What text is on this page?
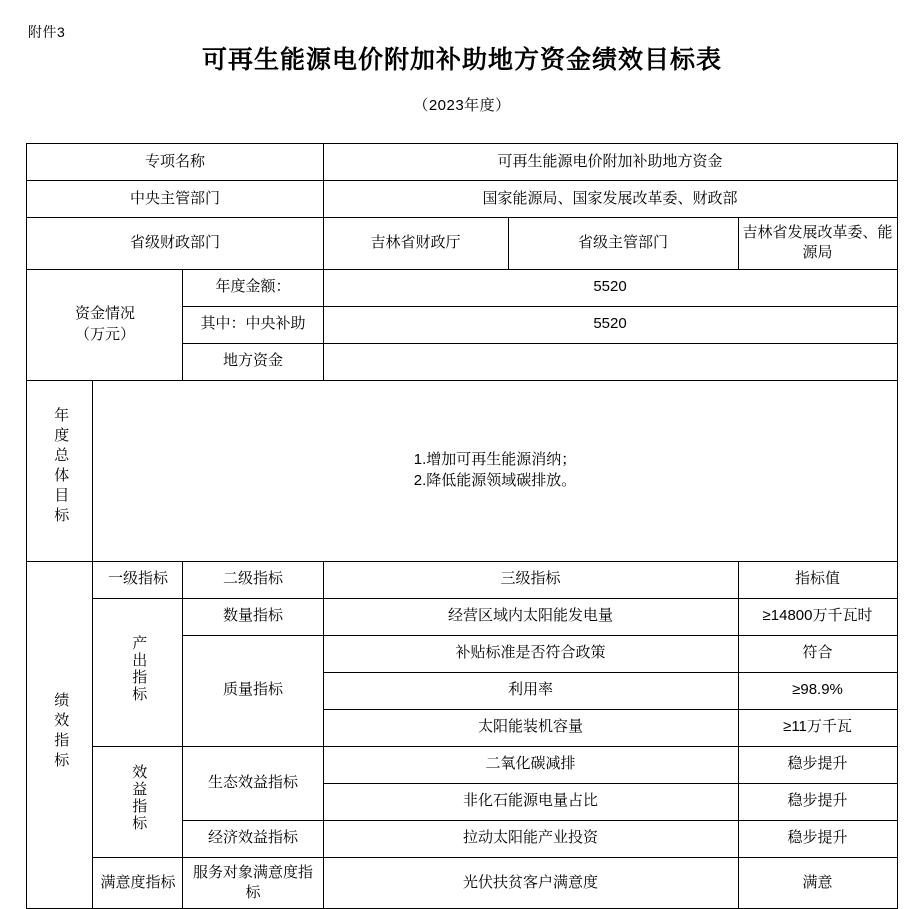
附件3
可再生能源电价附加补助地方资金绩效目标表

（2023年度）

专项名称			可再生能源电价附加补助地方资金		
中央主管部门			国家能源局、国家发展改革委、财政部		
省级财政部门			吉林省财政厅	省级主管部门	吉林省发展改革委、能源局

资金情况
（万元）		年度金额：	5520		
		其中：中央补助	5520		
		地方资金			
年度总体目标	1.增加可再生能源消纳；
2.降低能源领域碳排放。				

绩效指标	一级指标	二级指标	三级指标		指标值
	产出指标	数量指标	经营区域内太阳能发电量		≥14800万千瓦时
		质量指标	补贴标准是否符合政策		符合
			利用率		≥98.9%
			太阳能装机容量		≥11万千瓦
	效益指标	生态效益指标	二氧化碳减排		稳步提升
			非化石能源电量占比		稳步提升
		经济效益指标	拉动太阳能产业投资		稳步提升
	满意度指标	服务对象满意度指标	光伏扶贫客户满意度		满意
